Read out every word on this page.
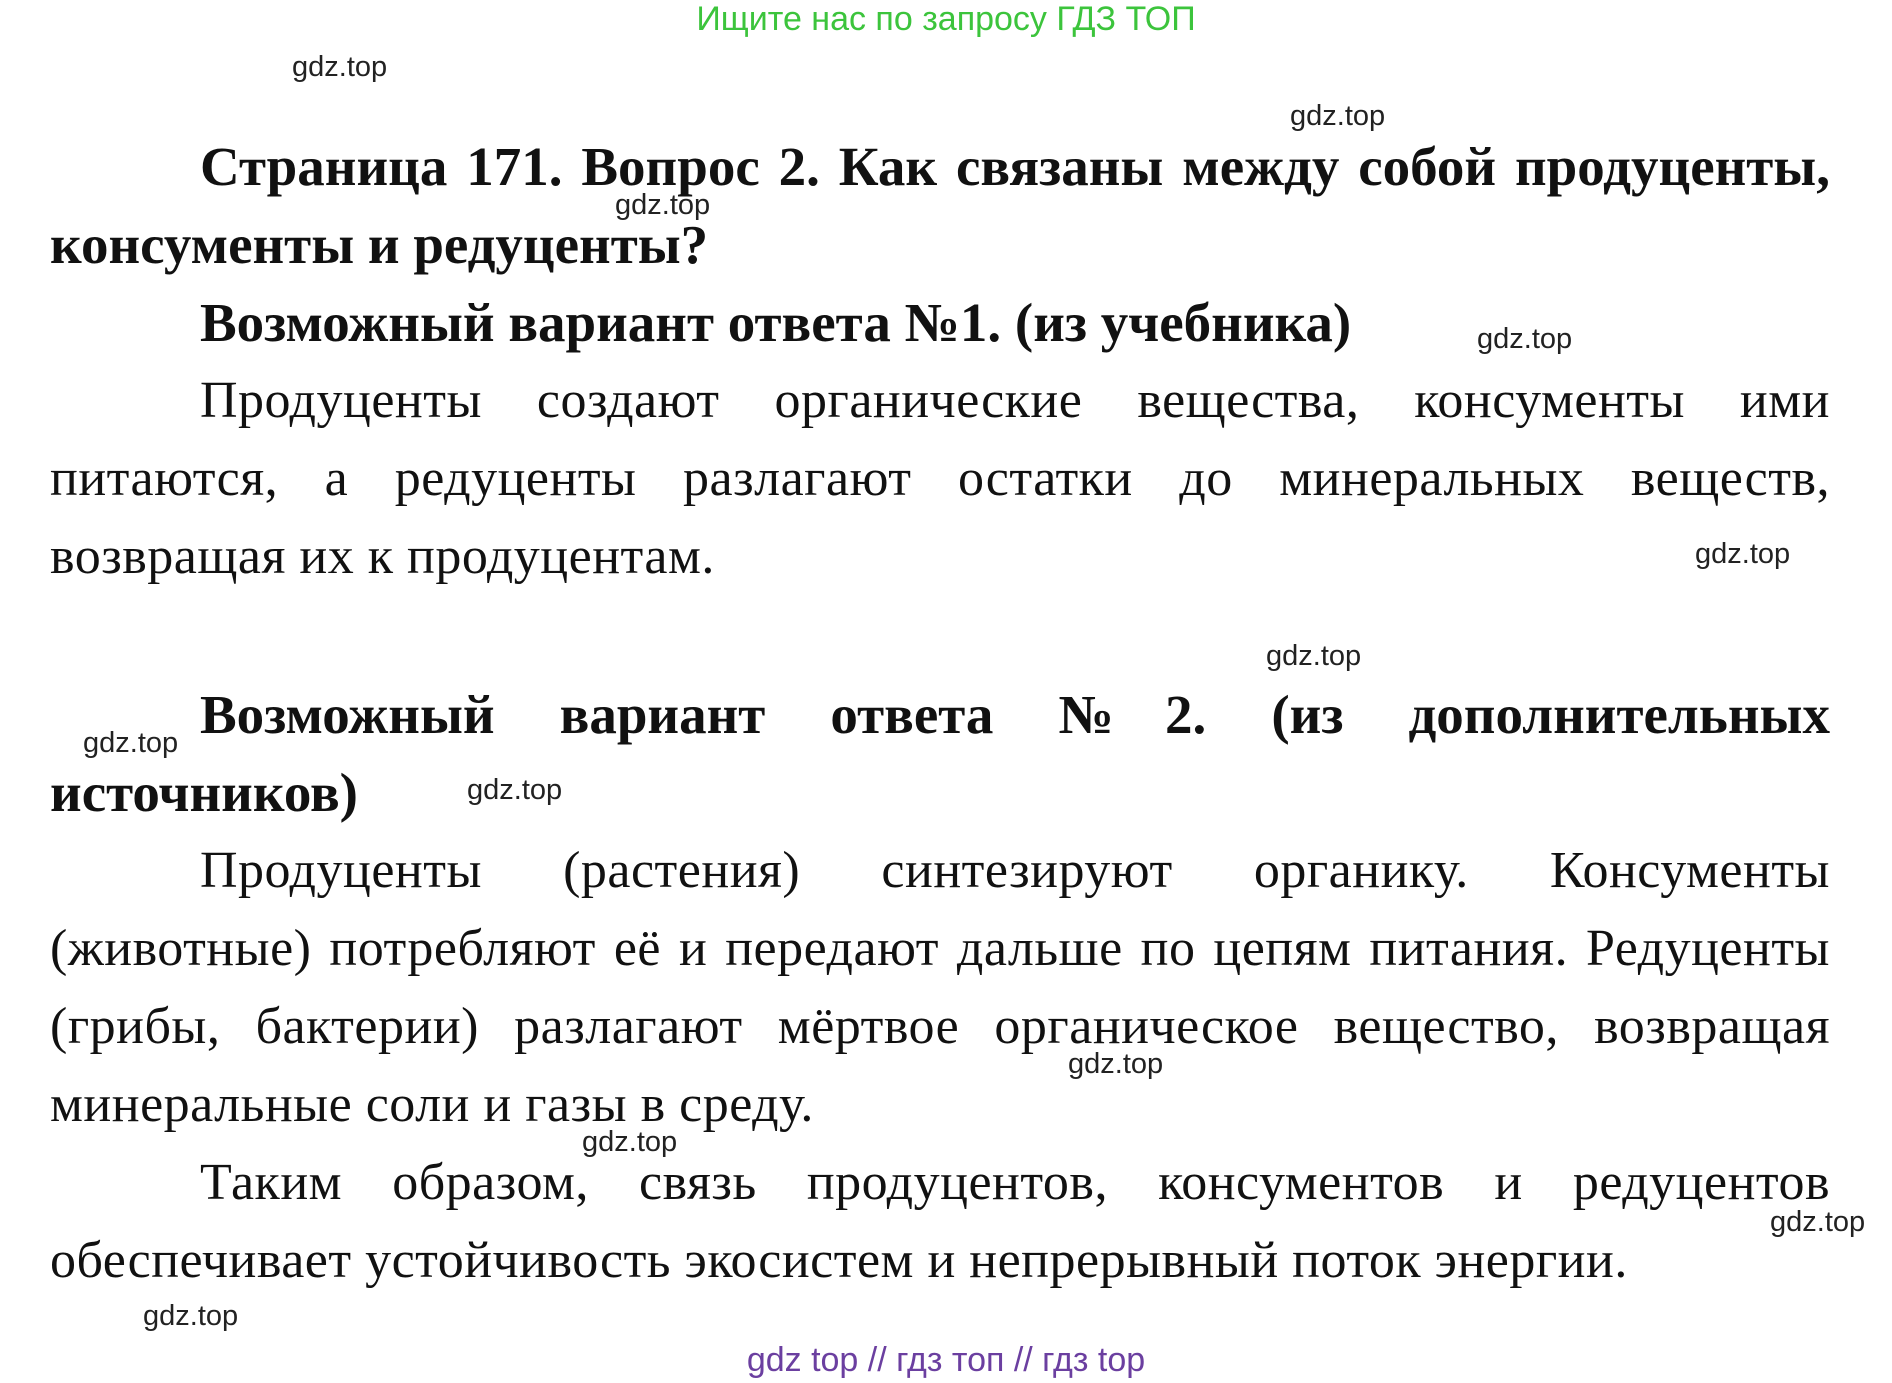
Ищите нас по запросу ГДЗ ТОП

Страница 171. Вопрос 2. Как связаны между собой продуценты, консументы и редуценты?

Возможный вариант ответа №1. (из учебника)

Продуценты создают органические вещества, консументы ими питаются, а редуценты разлагают остатки до минеральных веществ, возвращая их к продуцентам.

Возможный вариант ответа №2. (из дополнительных источников)

Продуценты (растения) синтезируют органику. Консументы (животные) потребляют её и передают дальше по цепям питания. Редуценты (грибы, бактерии) разлагают мёртвое органическое вещество, возвращая минеральные соли и газы в среду.

Таким образом, связь продуцентов, консументов и редуцентов обеспечивает устойчивость экосистем и непрерывный поток энергии.

gdz.top
gdz.top
gdz.top
gdz.top
gdz.top
gdz.top
gdz.top
gdz.top
gdz.top
gdz.top
gdz.top
gdz.top
gdz top // гдз топ // гдз top
